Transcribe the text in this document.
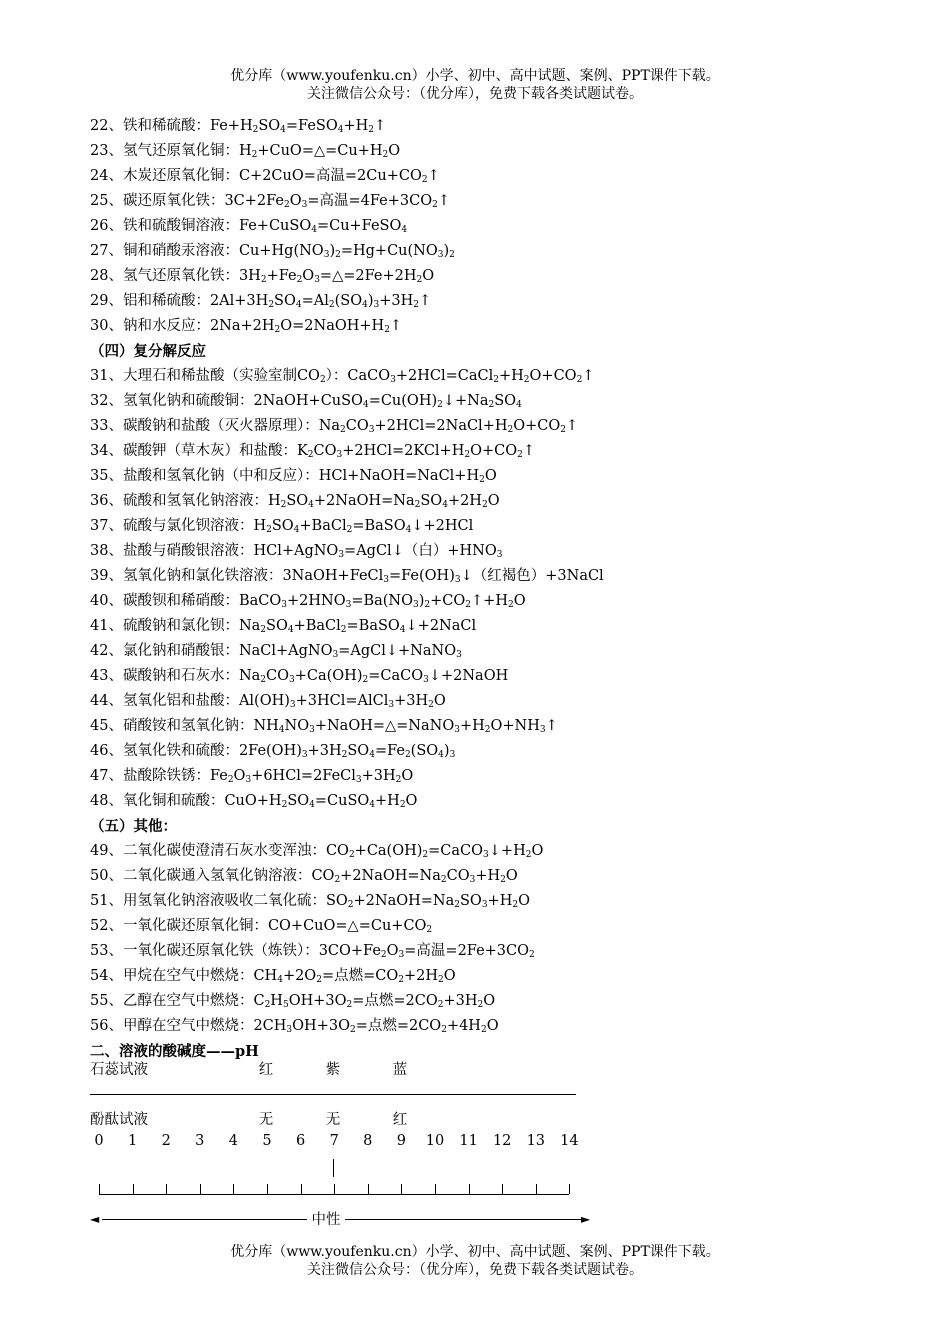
优分库（www.youfenku.cn）小学、初中、高中试题、案例、PPT课件下载。
关注微信公众号：（优分库），免费下载各类试题试卷。
22、铁和稀硫酸：$Fe+H_2SO_4=FeSO_4+H_2↑$
23、氢气还原氧化铜：$H_2+CuO=\triangle=Cu+H_2O$
24、木炭还原氧化铜：C+2CuO=高温$=2Cu+CO_2↑$
25、碳还原氧化铁：$3C+2Fe_2O_3=$高温$=4Fe+3CO_2↑$
26、铁和硫酸铜溶液：Fe+CuSO$_4$=Cu+FeSO$_4$
27、铜和硝酸汞溶液：$Cu+Hg(NO_3)_2=Hg+Cu(NO_3)_2$
28、氢气还原氧化铁：$3H_2+Fe_2O_3=\triangle=2Fe+2H_2O$
29、铝和稀硫酸：$2Al+3H_2SO_4=Al_2(SO_4)_3+3H_2↑$
30、钠和水反应：$2Na+2H_2O=2NaOH+H_2↑$
（四）复分解反应
31、大理石和稀盐酸（实验室制$CO_2$）：$CaCO_3+2HCl=CaCl_2+H_2O+CO_2↑$
32、氢氧化钠和硫酸铜：$2NaOH+CuSO_4=Cu(OH)_2↓+Na_2SO_4$
33、碳酸钠和盐酸（灭火器原理）：$Na_2CO_3+2HCl=2NaCl+H_2O+CO_2↑$
34、碳酸钾（草木灰）和盐酸：$K_2CO_3+2HCl=2KCl+H_2O+CO_2↑$
35、盐酸和氢氧化钠（中和反应）：$HCl+NaOH=NaCl+H_2O$
36、硫酸和氢氧化钠溶液：$H_2SO_4+2NaOH=Na_2SO_4+2H_2O$
37、硫酸与氯化钡溶液：$H_2SO_4+BaCl_2=BaSO_4↓+2HCl$
38、盐酸与硝酸银溶液：HCl+AgNO$_3$=AgCl↓（白）$+HNO_3$
39、氢氧化钠和氯化铁溶液：$3NaOH+FeCl_3=Fe(OH)_3↓$（红褐色）+3NaCl
40、碳酸钡和稀硝酸：$BaCO_3+2HNO_3=Ba(NO_3)_2+CO_2↑+H_2O$
41、硫酸钠和氯化钡：$Na_2SO_4+BaCl_2=BaSO_4↓+2NaCl$
42、氯化钠和硝酸银：NaCl+AgNO$_3$=AgCl↓+NaNO$_3$
43、碳酸钠和石灰水：$Na_2CO_3+Ca(OH)_2=CaCO_3↓+2NaOH$
44、氢氧化铝和盐酸：$Al(OH)_3+3HCl=AlCl_3+3H_2O$
45、硝酸铵和氢氧化钠：$NH_4NO_3+NaOH=\triangle=NaNO_3+H_2O+NH_3↑$
46、氢氧化铁和硫酸：$2Fe(OH)_3+3H_2SO_4=Fe_2(SO_4)_3$
47、盐酸除铁锈：$Fe_2O_3+6HCl=2FeCl_3+3H_2O$
48、氧化铜和硫酸：$CuO+H_2SO_4=CuSO_4+H_2O$
（五）其他：
49、二氧化碳使澄清石灰水变浑浊：$CO_2+Ca(OH)_2=CaCO_3↓+H_2O$
50、二氧化碳通入氢氧化钠溶液：$CO_2+2NaOH=Na_2CO_3+H_2O$
51、用氢氧化钠溶液吸收二氧化硫：$SO_2+2NaOH=Na_2SO_3+H_2O$
52、一氧化碳还原氧化铜：$CO+CuO=\triangle=Cu+CO_2$
53、一氧化碳还原氧化铁（炼铁）：$3CO+Fe_2O_3=$高温$=2Fe+3CO_2$
54、甲烷在空气中燃烧：$CH_4+2O_2=$点燃$=CO_2+2H_2O$
55、乙醇在空气中燃烧：$C_2H_5OH+3O_2=$点燃$=2CO_2+3H_2O$
56、甲醇在空气中燃烧：$2CH_3OH+3O_2=$点燃$=2CO_2+4H_2O$
二、溶液的酸碱度——pH
石蕊试液	红	紫	蓝
酚酞试液	无	无	红
0 1 2 3 4 5 6 7 8 9 10 11 12 13 14
◄	中性	►
优分库（www.youfenku.cn）小学、初中、高中试题、案例、PPT课件下载。
关注微信公众号：（优分库），免费下载各类试题试卷。
